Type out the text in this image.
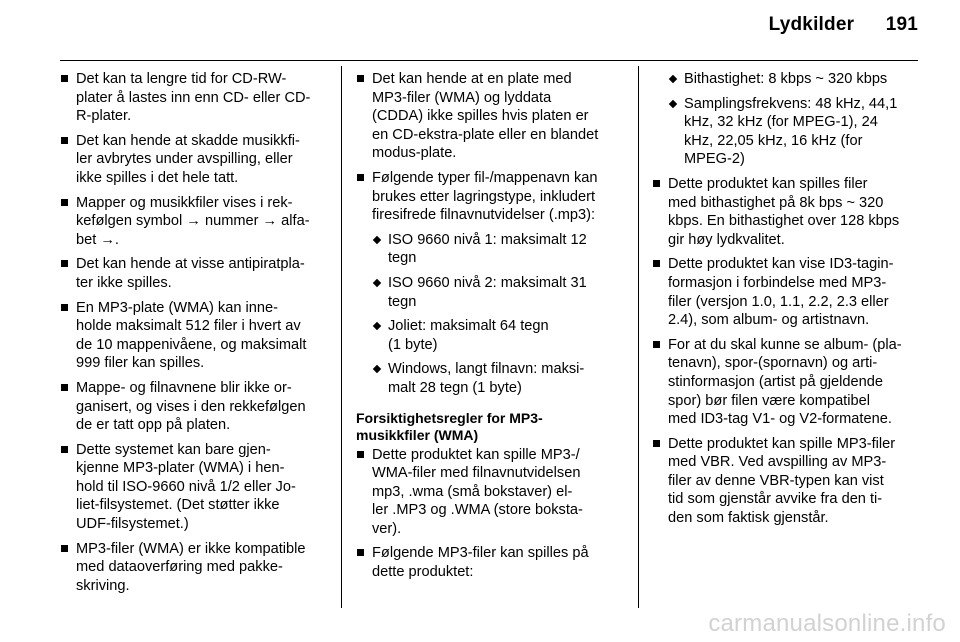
Lydkilder 191
Det kan ta lengre tid for CD-RW-
plater å lastes inn enn CD- eller CD-
R-plater.
Det kan hende at skadde musikkfi-
ler avbrytes under avspilling, eller
ikke spilles i det hele tatt.
Mapper og musikkfiler vises i rek-
kefølgen symbol → nummer → alfa-
bet →.
Det kan hende at visse antipiratpla-
ter ikke spilles.
En MP3-plate (WMA) kan inne-
holde maksimalt 512 filer i hvert av
de 10 mappenivåene, og maksimalt
999 filer kan spilles.
Mappe- og filnavnene blir ikke or-
ganisert, og vises i den rekkefølgen
de er tatt opp på platen.
Dette systemet kan bare gjen-
kjenne MP3-plater (WMA) i hen-
hold til ISO-9660 nivå 1/2 eller Jo-
liet-filsystemet. (Det støtter ikke
UDF-filsystemet.)
MP3-filer (WMA) er ikke kompatible
med dataoverføring med pakke-
skriving.
Det kan hende at en plate med
MP3-filer (WMA) og lyddata
(CDDA) ikke spilles hvis platen er
en CD-ekstra-plate eller en blandet
modus-plate.
Følgende typer fil-/mappenavn kan
brukes etter lagringstype, inkludert
firesifrede filnavnutvidelser (.mp3):
ISO 9660 nivå 1: maksimalt 12
tegn
ISO 9660 nivå 2: maksimalt 31
tegn
Joliet: maksimalt 64 tegn
(1 byte)
Windows, langt filnavn: maksi-
malt 28 tegn (1 byte)
Forsiktighetsregler for MP3-
musikkfiler (WMA)
Dette produktet kan spille MP3-/
WMA-filer med filnavnutvidelsen
mp3, .wma (små bokstaver) el-
ler .MP3 og .WMA (store boksta-
ver).
Følgende MP3-filer kan spilles på
dette produktet:
Bithastighet: 8 kbps ~ 320 kbps
Samplingsfrekvens: 48 kHz, 44,1
kHz, 32 kHz (for MPEG-1), 24
kHz, 22,05 kHz, 16 kHz (for
MPEG-2)
Dette produktet kan spilles filer
med bithastighet på 8k bps ~ 320
kbps. En bithastighet over 128 kbps
gir høy lydkvalitet.
Dette produktet kan vise ID3-tagin-
formasjon i forbindelse med MP3-
filer (versjon 1.0, 1.1, 2.2, 2.3 eller
2.4), som album- og artistnavn.
For at du skal kunne se album- (pla-
tenavn), spor-(spornavn) og arti-
stinformasjon (artist på gjeldende
spor) bør filen være kompatibel
med ID3-tag V1- og V2-formatene.
Dette produktet kan spille MP3-filer
med VBR. Ved avspilling av MP3-
filer av denne VBR-typen kan vist
tid som gjenstår avvike fra den ti-
den som faktisk gjenstår.
carmanualsonline.info
